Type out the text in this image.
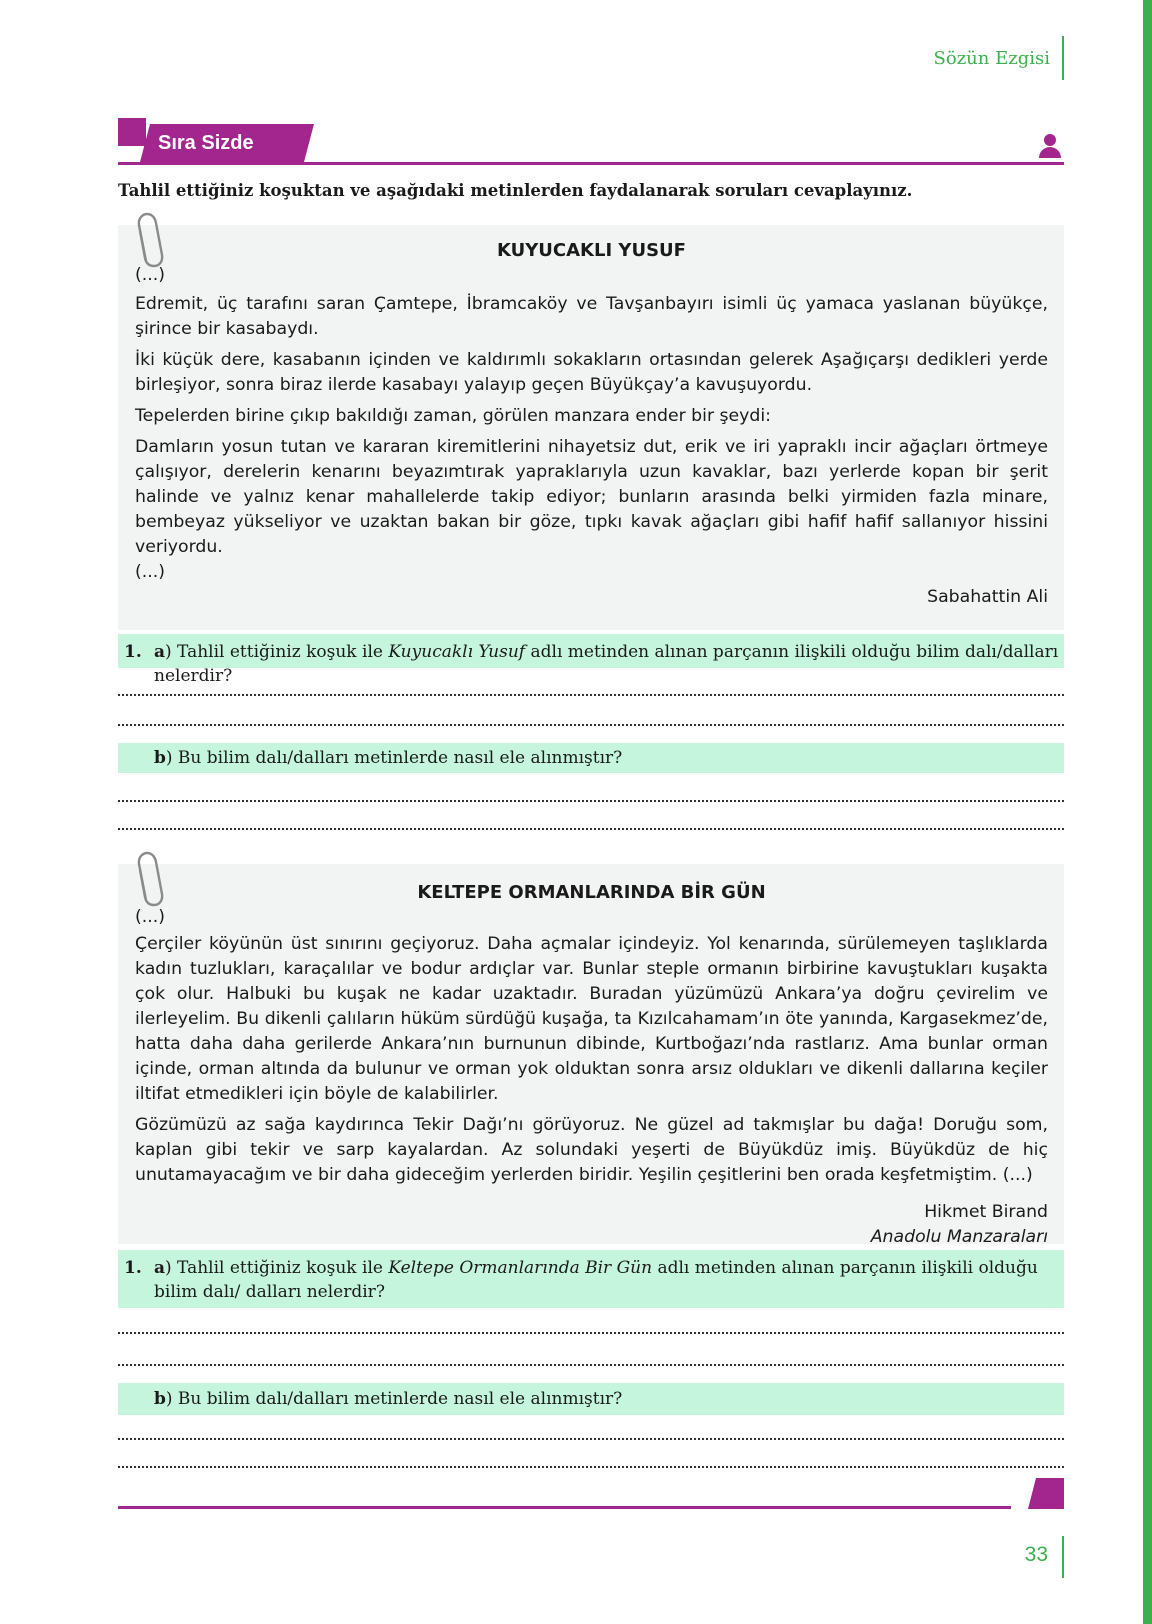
Sözün Ezgisi
Sıra Sizde
Tahlil ettiğiniz koşuktan ve aşağıdaki metinlerden faydalanarak soruları cevaplayınız.

KUYUCAKLI YUSUF

(...)

Edremit, üç tarafını saran Çamtepe, İbramcaköy ve Tavşanbayırı isimli üç yamaca yaslanan büyükçe, şirince bir kasabaydı.

İki küçük dere, kasabanın içinden ve kaldırımlı sokakların ortasından gelerek Aşağıçarşı dedikleri yerde birleşiyor, sonra biraz ilerde kasabayı yalayıp geçen Büyükçay’a kavuşuyordu.

Tepelerden birine çıkıp bakıldığı zaman, görülen manzara ender bir şeydi:

Damların yosun tutan ve kararan kiremitlerini nihayetsiz dut, erik ve iri yapraklı incir ağaçları örtmeye çalışıyor, derelerin kenarını beyazımtırak yapraklarıyla uzun kavaklar, bazı yerlerde kopan bir şerit halinde ve yalnız kenar mahallelerde takip ediyor; bunların arasında belki yirmiden fazla minare, bembeyaz yükseliyor ve uzaktan bakan bir göze, tıpkı kavak ağaçları gibi hafif hafif sallanıyor hissini veriyordu.

(...)

Sabahattin Ali

1. a) Tahlil ettiğiniz koşuk ile Kuyucaklı Yusuf adlı metinden alınan parçanın ilişkili olduğu bilim dalı/dalları nelerdir?
b) Bu bilim dalı/dalları metinlerde nasıl ele alınmıştır?

KELTEPE ORMANLARINDA BİR GÜN

(...)

Çerçiler köyünün üst sınırını geçiyoruz. Daha açmalar içindeyiz. Yol kenarında, sürülemeyen taşlıklarda kadın tuzlukları, karaçalılar ve bodur ardıçlar var. Bunlar steple ormanın birbirine kavuştukları kuşakta çok olur. Halbuki bu kuşak ne kadar uzaktadır. Buradan yüzümüzü Ankara’ya doğru çevirelim ve ilerleyelim. Bu dikenli çalıların hüküm sürdüğü kuşağa, ta Kızılcahamam’ın öte yanında, Kargasekmez’de, hatta daha daha gerilerde Ankara’nın burnunun dibinde, Kurtboğazı’nda rastlarız. Ama bunlar orman içinde, orman altında da bulunur ve orman yok olduktan sonra arsız oldukları ve dikenli dallarına keçiler iltifat etmedikleri için böyle de kalabilirler.

Gözümüzü az sağa kaydırınca Tekir Dağı’nı görüyoruz. Ne güzel ad takmışlar bu dağa! Doruğu som, kaplan gibi tekir ve sarp kayalardan. Az solundaki yeşerti de Büyükdüz imiş. Büyükdüz de hiç unutamayacağım ve bir daha gideceğim yerlerden biridir. Yeşilin çeşitlerini ben orada keşfetmiştim. (...)

Hikmet Birand

Anadolu Manzaraları

1. a) Tahlil ettiğiniz koşuk ile Keltepe Ormanlarında Bir Gün adlı metinden alınan parçanın ilişkili olduğu bilim dalı/ dalları nelerdir?
b) Bu bilim dalı/dalları metinlerde nasıl ele alınmıştır?
33
